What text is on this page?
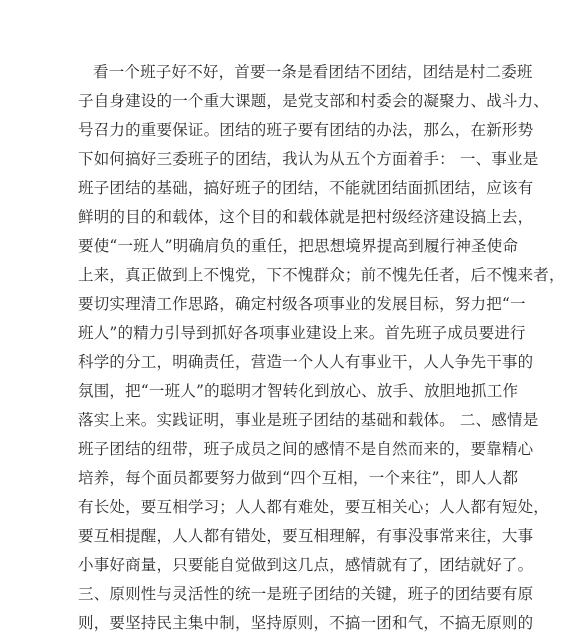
看一个班子好不好，首要一条是看团结不团结，团结是村二委班
子自身建设的一个重大课题，是党支部和村委会的凝聚力、战斗力、
号召力的重要保证。团结的班子要有团结的办法，那么，在新形势
下如何搞好三委班子的团结，我认为从五个方面着手： 一、事业是
班子团结的基础，搞好班子的团结，不能就团结面抓团结，应该有
鲜明的目的和载体，这个目的和载体就是把村级经济建设搞上去，
要使“一班人”明确肩负的重任，把思想境界提高到履行神圣使命
上来，真正做到上不愧党，下不愧群众；前不愧先任者，后不愧来者，
要切实理清工作思路，确定村级各项事业的发展目标，努力把“一
班人”的精力引导到抓好各项事业建设上来。首先班子成员要进行
科学的分工，明确责任，营造一个人人有事业干，人人争先干事的
氛围，把“一班人”的聪明才智转化到放心、放手、放胆地抓工作
落实上来。实践证明，事业是班子团结的基础和载体。 二、感情是
班子团结的纽带，班子成员之间的感情不是自然而来的，要靠精心
培养，每个面员都要努力做到“四个互相，一个来往”，即人人都
有长处，要互相学习；人人都有难处，要互相关心；人人都有短处，
要互相提醒，人人都有错处，要互相理解，有事没事常来往，大事
小事好商量，只要能自觉做到这几点，感情就有了，团结就好了。
三、原则性与灵活性的统一是班子团结的关键，班子的团结要有原
则，要坚持民主集中制，坚持原则，不搞一团和气，不搞无原则的
